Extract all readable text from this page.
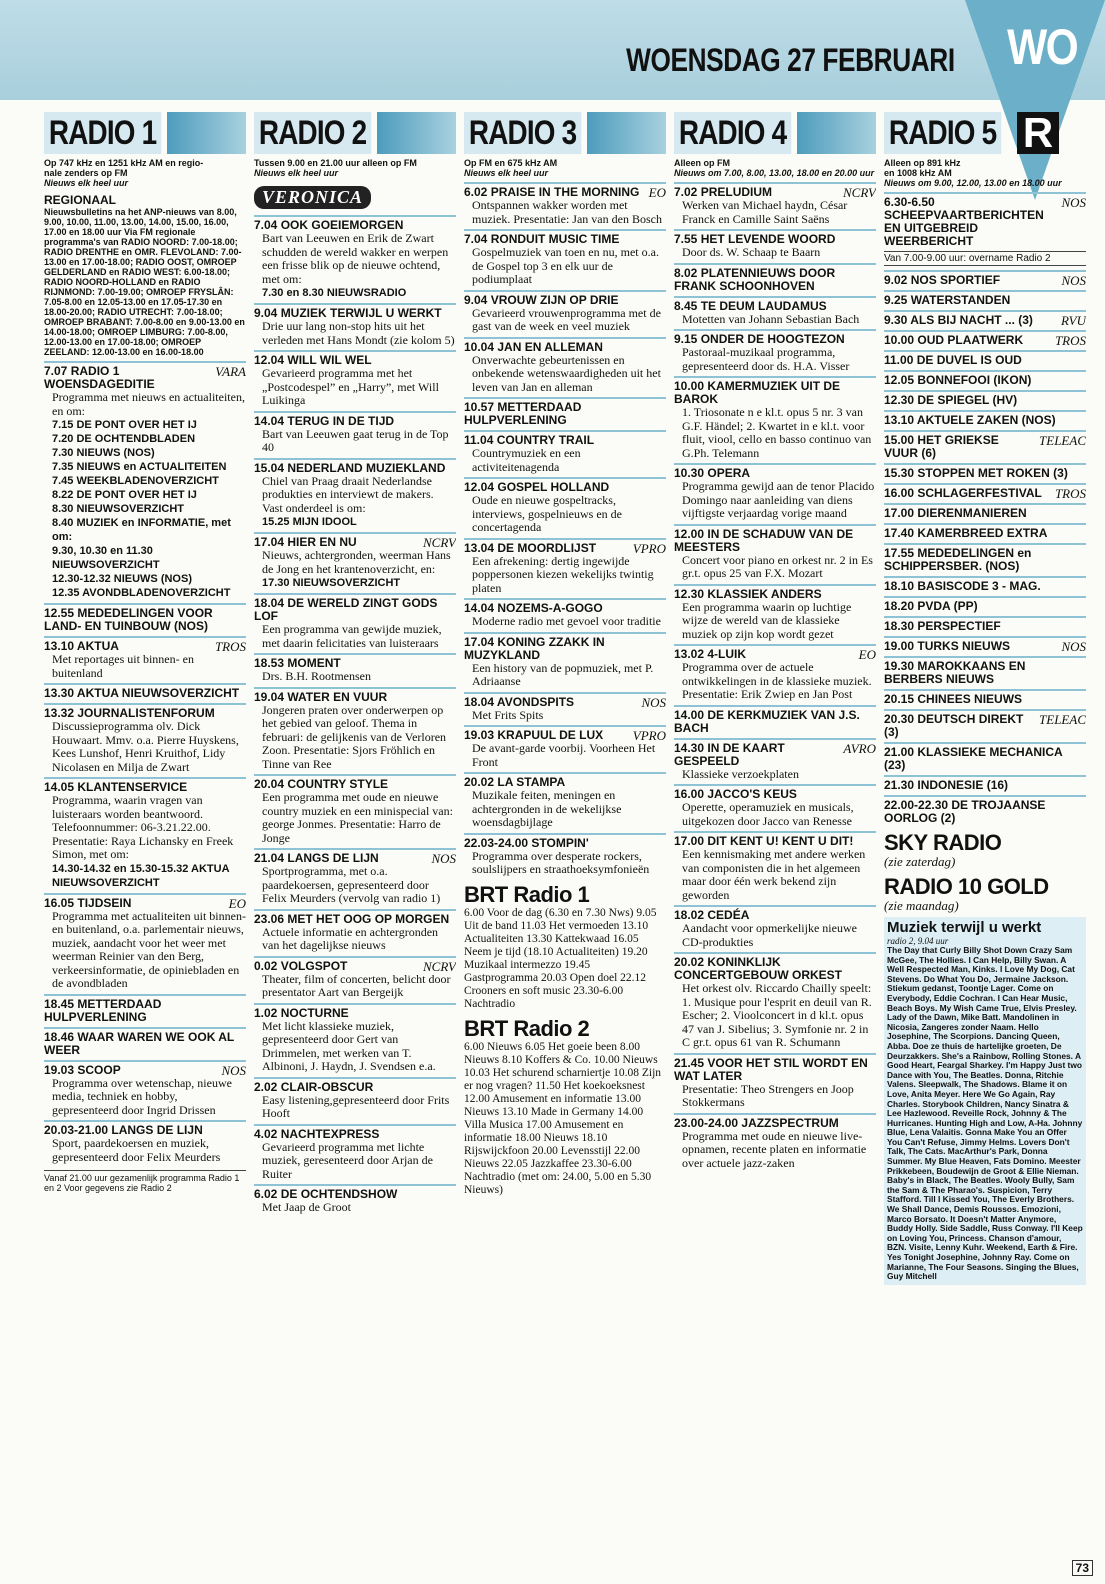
WOENSDAG 27 FEBRUARI WO
RADIO 1
Op 747 kHz en 1251 kHz AM en regio-
nale zenders op FM
Nieuws elk heel uur
REGIONAAL
Nieuwsbulletins na het ANP-nieuws van 8.00, 9.00, 10.00, 11.00, 13.00, 14.00, 15.00, 16.00, 17.00 en 18.00 uur Via FM regionale programma's van RADIO NOORD: 7.00-18.00; RADIO DRENTHE en OMR. FLEVOLAND: 7.00-13.00 en 17.00-18.00; RADIO OOST, OMROEP GELDERLAND en RADIO WEST: 6.00-18.00; RADIO NOORD-HOLLAND en RADIO RIJNMOND: 7.00-19.00; OMROEP FRYSLÂN: 7.05-8.00 en 12.05-13.00 en 17.05-17.30 en 18.00-20.00; RADIO UTRECHT: 7.00-18.00; OMROEP BRABANT: 7.00-8.00 en 9.00-13.00 en 14.00-18.00; OMROEP LIMBURG: 7.00-8.00, 12.00-13.00 en 17.00-18.00; OMROEP ZEELAND: 12.00-13.00 en 16.00-18.00
7.07 RADIO 1 WOENSDAGEDITIE
VARA
Programma met nieuws en actualiteiten, en om:
7.15 DE PONT OVER HET IJ
7.20 DE OCHTENDBLADEN
7.30 NIEUWS (NOS)
7.35 NIEUWS en ACTUALITEITEN
7.45 WEEKBLADENOVERZICHT
8.22 DE PONT OVER HET IJ
8.30 NIEUWSOVERZICHT
8.40 MUZIEK en INFORMATIE, met om:
9.30, 10.30 en 11.30 NIEUWSOVERZICHT
12.30-12.32 NIEUWS (NOS)
12.35 AVONDBLADENOVERZICHT
12.55 MEDEDELINGEN VOOR LAND- EN TUINBOUW (NOS)
13.10 AKTUA	TROS
Met reportages uit binnen- en buitenland
13.30 AKTUA NIEUWSOVERZICHT
13.32 JOURNALISTENFORUM
Discussieprogramma olv. Dick Houwaart. Mmv. o.a. Pierre Huyskens, Kees Lunshof, Henri Kruithof, Lidy Nicolasen en Milja de Zwart
14.05 KLANTENSERVICE
Programma, waarin vragen van luisteraars worden beantwoord. Telefoonnummer: 06-3.21.22.00. Presentatie: Raya Lichansky en Freek Simon, met om:
14.30-14.32 en 15.30-15.32 AKTUA NIEUWSOVERZICHT
16.05 TIJDSEIN	EO
Programma met actualiteiten uit binnen- en buitenland, o.a. parlementair nieuws, muziek, aandacht voor het weer met weerman Reinier van den Berg, verkeersinformatie, de opiniebladen en de avondbladen
18.45 METTERDAAD HULPVERLENING
18.46 WAAR WAREN WE OOK AL WEER
19.03 SCOOP	NOS
Programma over wetenschap, nieuwe media, techniek en hobby, gepresenteerd door Ingrid Drissen
20.03-21.00 LANGS DE LIJN
Sport, paardekoersen en muziek, gepresenteerd door Felix Meurders
Vanaf 21.00 uur gezamenlijk programma Radio 1 en 2 Voor gegevens zie Radio 2
RADIO 2
Tussen 9.00 en 21.00 uur alleen op FM
Nieuws elk heel uur
VERONICA
7.04 OOK GOEIEMORGEN
Bart van Leeuwen en Erik de Zwart schudden de wereld wakker en werpen een frisse blik op de nieuwe ochtend, met om:
7.30 en 8.30 NIEUWSRADIO
9.04 MUZIEK TERWIJL U WERKT
Drie uur lang non-stop hits uit het verleden met Hans Mondt (zie kolom 5)
12.04 WILL WIL WEL
Gevarieerd programma met het „Postcodespel” en „Harry”, met Will Luikinga
14.04 TERUG IN DE TIJD
Bart van Leeuwen gaat terug in de Top 40
15.04 NEDERLAND MUZIEKLAND
Chiel van Praag draait Nederlandse produkties en interviewt de makers. Vast onderdeel is om:
15.25 MIJN IDOOL
17.04 HIER EN NU	NCRV
Nieuws, achtergronden, weerman Hans de Jong en het krantenoverzicht, en:
17.30 NIEUWSOVERZICHT
18.04 DE WERELD ZINGT GODS LOF
Een programma van gewijde muziek, met daarin felicitaties van luisteraars
18.53 MOMENT
Drs. B.H. Rootmensen
19.04 WATER EN VUUR
Jongeren praten over onderwerpen op het gebied van geloof. Thema in februari: de gelijkenis van de Verloren Zoon. Presentatie: Sjors Fröhlich en Tinne van Ree
20.04 COUNTRY STYLE
Een programma met oude en nieuwe country muziek en een minispecial van: george Jonmes. Presentatie: Harro de Jonge
21.04 LANGS DE LIJN	NOS
Sportprogramma, met o.a. paardekoersen, gepresenteerd door Felix Meurders (vervolg van radio 1)
23.06 MET HET OOG OP MORGEN
Actuele informatie en achtergronden van het dagelijkse nieuws
0.02 VOLGSPOT	NCRV
Theater, film of concerten, belicht door presentator Aart van Bergeijk
1.02 NOCTURNE
Met licht klassieke muziek, gepresenteerd door Gert van Drimmelen, met werken van T. Albinoni, J. Haydn, J. Svendsen e.a.
2.02 CLAIR-OBSCUR
Easy listening,gepresenteerd door Frits Hooft
4.02 NACHTEXPRESS
Gevarieerd programma met lichte muziek, geresenteerd door Arjan de Ruiter
6.02 DE OCHTENDSHOW
Met Jaap de Groot
RADIO 3
Op FM en 675 kHz AM
Nieuws elk heel uur
6.02 PRAISE IN THE MORNING EO
Ontspannen wakker worden met muziek. Presentatie: Jan van den Bosch
7.04 RONDUIT MUSIC TIME
Gospelmuziek van toen en nu, met o.a. de Gospel top 3 en elk uur de podiumplaat
9.04 VROUW ZIJN OP DRIE
Gevarieerd vrouwenprogramma met de gast van de week en veel muziek
10.04 JAN EN ALLEMAN
Onverwachte gebeurtenissen en onbekende wetenswaardigheden uit het leven van Jan en alleman
10.57 METTERDAAD HULPVERLENING
11.04 COUNTRY TRAIL
Countrymuziek en een activiteitenagenda
12.04 GOSPEL HOLLAND
Oude en nieuwe gospeltracks, interviews, gospelnieuws en de concertagenda
13.04 DE MOORDLIJST	VPRO
Een afrekening: dertig ingewijde poppersonen kiezen wekelijks twintig platen
14.04 NOZEMS-A-GOGO
Moderne radio met gevoel voor traditie
17.04 KONING ZZAKK IN MUZYKLAND
Een history van de popmuziek, met P. Adriaanse
18.04 AVONDSPITS	NOS
Met Frits Spits
19.03 KRAPUUL DE LUX VPRO
De avant-garde voorbij. Voorheen Het Front
20.02 LA STAMPA
Muzikale feiten, meningen en achtergronden in de wekelijkse woensdagbijlage
22.03-24.00 STOMPIN'
Programma over desperate rockers, soulslijpers en straathoeksymfonieën
BRT Radio 1
6.00 Voor de dag (6.30 en 7.30 Nws) 9.05 Uit de band 11.03 Het vermoeden 13.10 Actualiteiten 13.30 Kattekwaad 16.05 Neem je tijd (18.10 Actualiteiten) 19.20 Muzikaal intermezzo 19.45 Gastprogramma 20.03 Open doel 22.12 Crooners en soft music 23.30-6.00 Nachtradio
BRT Radio 2
6.00 Nieuws 6.05 Het goeie been 8.00 Nieuws 8.10 Koffers & Co. 10.00 Nieuws 10.03 Het schurend scharniertje 10.08 Zijn er nog vragen? 11.50 Het koekoeksnest 12.00 Amusement en informatie 13.00 Nieuws 13.10 Made in Germany 14.00 Villa Musica 17.00 Amusement en informatie 18.00 Nieuws 18.10 Rijswijckfoon 20.00 Levensstijl 22.00 Nieuws 22.05 Jazzkaffee 23.30-6.00 Nachtradio (met om: 24.00, 5.00 en 5.30 Nieuws)
RADIO 4
Alleen op FM
Nieuws om 7.00, 8.00, 13.00, 18.00 en 20.00 uur
7.02 PRELUDIUM	NCRV
Werken van Michael haydn, César Franck en Camille Saint Saëns
7.55 HET LEVENDE WOORD
Door ds. W. Schaap te Baarn
8.02 PLATENNIEUWS DOOR FRANK SCHOONHOVEN
8.45 TE DEUM LAUDAMUS
Motetten van Johann Sebastian Bach
9.15 ONDER DE HOOGTEZON
Pastoraal-muzikaal programma, gepresenteerd door ds. H.A. Visser
10.00 KAMERMUZIEK UIT DE BAROK
1. Triosonate n e kl.t. opus 5 nr. 3 van G.F. Händel; 2. Kwartet in e kl.t. voor fluit, viool, cello en basso continuo van G.Ph. Telemann
10.30 OPERA
Programma gewijd aan de tenor Placido Domingo naar aanleiding van diens vijftigste verjaardag vorige maand
12.00 IN DE SCHADUW VAN DE MEESTERS
Concert voor piano en orkest nr. 2 in Es gr.t. opus 25 van F.X. Mozart
12.30 KLASSIEK ANDERS
Een programma waarin op luchtige wijze de wereld van de klassieke muziek op zijn kop wordt gezet
13.02 4-LUIK	EO
Programma over de actuele ontwikkelingen in de klassieke muziek. Presentatie: Erik Zwiep en Jan Post
14.00 DE KERKMUZIEK VAN J.S. BACH
14.30 IN DE KAART GESPEELD
AVRO
Klassieke verzoekplaten
16.00 JACCO'S KEUS
Operette, operamuziek en musicals, uitgekozen door Jacco van Renesse
17.00 DIT KENT U! KENT U DIT!
Een kennismaking met andere werken van componisten die in het algemeen maar door één werk bekend zijn geworden
18.02 CEDÉA
Aandacht voor opmerkelijke nieuwe CD-produkties
20.02 KONINKLIJK CONCERTGEBOUW ORKEST
Het orkest olv. Riccardo Chailly speelt: 1. Musique pour l'esprit en deuil van R. Escher; 2. Vioolconcert in d kl.t. opus 47 van J. Sibelius; 3. Symfonie nr. 2 in C gr.t. opus 61 van R. Schumann
21.45 VOOR HET STIL WORDT EN WAT LATER
Presentatie: Theo Strengers en Joop Stokkermans
23.00-24.00 JAZZSPECTRUM
Programma met oude en nieuwe live-opnamen, recente platen en informatie over actuele jazz-zaken
RADIO 5 R
Alleen op 891 kHz
en 1008 kHz AM
Nieuws om 9.00, 12.00, 13.00 en 18.00 uur
6.30-6.50 SCHEEPVAARTBERICHTEN EN UITGEBREID WEERBERICHT
NOS
Van 7.00-9.00 uur: overname Radio 2
9.02 NOS SPORTIEF	NOS
9.25 WATERSTANDEN
9.30 ALS BIJ NACHT ... (3) RVU
10.00 OUD PLAATWERK TROS
11.00 DE DUVEL IS OUD
12.05 BONNEFOOI (IKON)
12.30 DE SPIEGEL (HV)
13.10 AKTUELE ZAKEN (NOS)
15.00 HET GRIEKSE VUUR (6)
TELEAC
15.30 STOPPEN MET ROKEN (3)
16.00 SCHLAGERFESTIVAL TROS
17.00 DIERENMANIEREN
17.40 KAMERBREED EXTRA
17.55 MEDEDELINGEN en SCHIPPERSBER. (NOS)
18.10 BASISCODE 3 - MAG.
18.20 PVDA (PP)
18.30 PERSPECTIEF
19.00 TURKS NIEUWS	NOS
19.30 MAROKKAANS EN BERBERS NIEUWS
20.15 CHINEES NIEUWS
20.30 DEUTSCH DIREKT (3)
TELEAC
21.00 KLASSIEKE MECHANICA (23)
21.30 INDONESIE (16)
22.00-22.30 DE TROJAANSE OORLOG (2)
SKY RADIO
(zie zaterdag)
RADIO 10 GOLD
(zie maandag)
Muziek terwijl u werkt
radio 2, 9.04 uur
The Day that Curly Billy Shot Down Crazy Sam McGee, The Hollies. I Can Help, Billy Swan. A Well Respected Man, Kinks. I Love My Dog, Cat Stevens. Do What You Do, Jermaine Jackson. Stiekum gedanst, Toontje Lager. Come on Everybody, Eddie Cochran. I Can Hear Music, Beach Boys. My Wish Came True, Elvis Presley. Lady of the Dawn, Mike Batt. Mandolinen in Nicosia, Zangeres zonder Naam. Hello Josephine, The Scorpions. Dancing Queen, Abba. Doe ze thuis de hartelijke groeten, De Deurzakkers. She's a Rainbow, Rolling Stones. A Good Heart, Feargal Sharkey. I'm Happy Just two Dance with You, The Beatles. Donna, Ritchie Valens. Sleepwalk, The Shadows. Blame it on Love, Anita Meyer. Here We Go Again, Ray Charles. Storybook Children, Nancy Sinatra & Lee Hazlewood. Reveille Rock, Johnny & The Hurricanes. Hunting High and Low, A-Ha. Johnny Blue, Lena Valaitis. Gonna Make You an Offer You Can't Refuse, Jimmy Helms. Lovers Don't Talk, The Cats. MacArthur's Park, Donna Summer. My Blue Heaven, Fats Domino. Meester Prikkebeen, Boudewijn de Groot & Ellie Nieman. Baby's in Black, The Beatles. Wooly Bully, Sam the Sam & The Pharao's. Suspicion, Terry Stafford. Till I Kissed You, The Everly Brothers. We Shall Dance, Demis Roussos. Emozioni, Marco Borsato. It Doesn't Matter Anymore, Buddy Holly. Side Saddle, Russ Conway. I'll Keep on Loving You, Princess. Chanson d'amour, BZN. Visite, Lenny Kuhr. Weekend, Earth & Fire. Yes Tonight Josephine, Johnny Ray. Come on Marianne, The Four Seasons. Singing the Blues, Guy Mitchell
73
